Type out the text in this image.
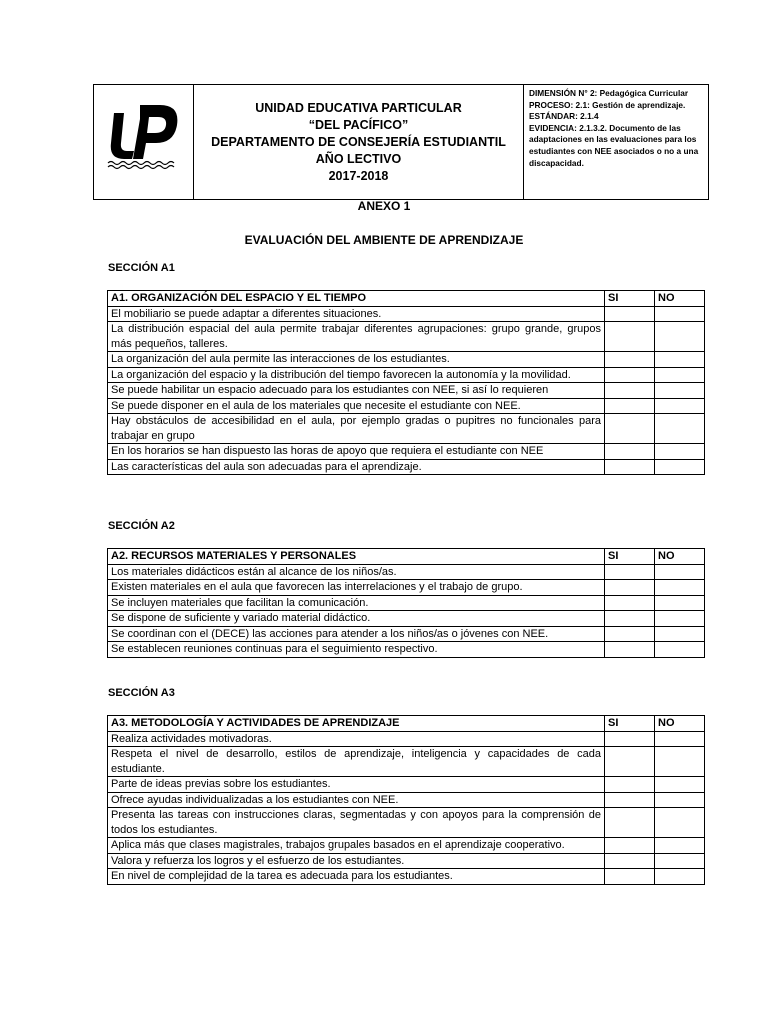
UNIDAD EDUCATIVA PARTICULAR
“DEL PACÍFICO”
DEPARTAMENTO DE CONSEJERÍA ESTUDIANTIL
AÑO LECTIVO
2017-2018
DIMENSIÓN N° 2: Pedagógica Curricular
PROCESO: 2.1: Gestión de aprendizaje.
ESTÁNDAR: 2.1.4
EVIDENCIA: 2.1.3.2. Documento de las adaptaciones en las evaluaciones para los estudiantes con NEE asociados o no a una discapacidad.
ANEXO 1
EVALUACIÓN DEL AMBIENTE DE APRENDIZAJE
SECCIÓN A1
A1. ORGANIZACIÓN DEL ESPACIO Y EL TIEMPO	SI	NO
El mobiliario se puede adaptar a diferentes situaciones.		
La distribución espacial del aula permite trabajar diferentes agrupaciones: grupo grande, grupos más pequeños, talleres.		
La organización del aula permite las interacciones de los estudiantes.		
La organización del espacio y la distribución del tiempo favorecen la autonomía y la movilidad.		
Se puede habilitar un espacio adecuado para los estudiantes con NEE, si así lo requieren		
Se puede disponer en el aula de los materiales que necesite el estudiante con NEE.		
Hay obstáculos de accesibilidad en el aula, por ejemplo gradas o pupitres no funcionales para trabajar en grupo		
En los horarios se han dispuesto las horas de apoyo que requiera el estudiante con NEE		
Las características del aula son adecuadas para el aprendizaje.		
SECCIÓN A2
A2. RECURSOS MATERIALES Y PERSONALES	SI	NO
Los materiales didácticos están al alcance de los niños/as.		
Existen materiales en el aula que favorecen las interrelaciones y el trabajo de grupo.		
Se incluyen materiales que facilitan la comunicación.		
Se dispone de suficiente y variado material didáctico.		
Se coordinan con el (DECE) las acciones para atender a los niños/as o jóvenes con NEE.		
Se establecen reuniones continuas para el seguimiento respectivo.		
SECCIÓN A3
A3. METODOLOGÍA Y ACTIVIDADES DE APRENDIZAJE	SI	NO
Realiza actividades motivadoras.		
Respeta el nivel de desarrollo, estilos de aprendizaje, inteligencia y capacidades de cada estudiante.		
Parte de ideas previas sobre los estudiantes.		
Ofrece ayudas individualizadas a los estudiantes con NEE.		
Presenta las tareas con instrucciones claras, segmentadas y con apoyos para la comprensión de todos los estudiantes.		
Aplica más que clases magistrales, trabajos grupales basados en el aprendizaje cooperativo.		
Valora y refuerza los logros y el esfuerzo de los estudiantes.		
En nivel de complejidad de la tarea es adecuada para los estudiantes.		
